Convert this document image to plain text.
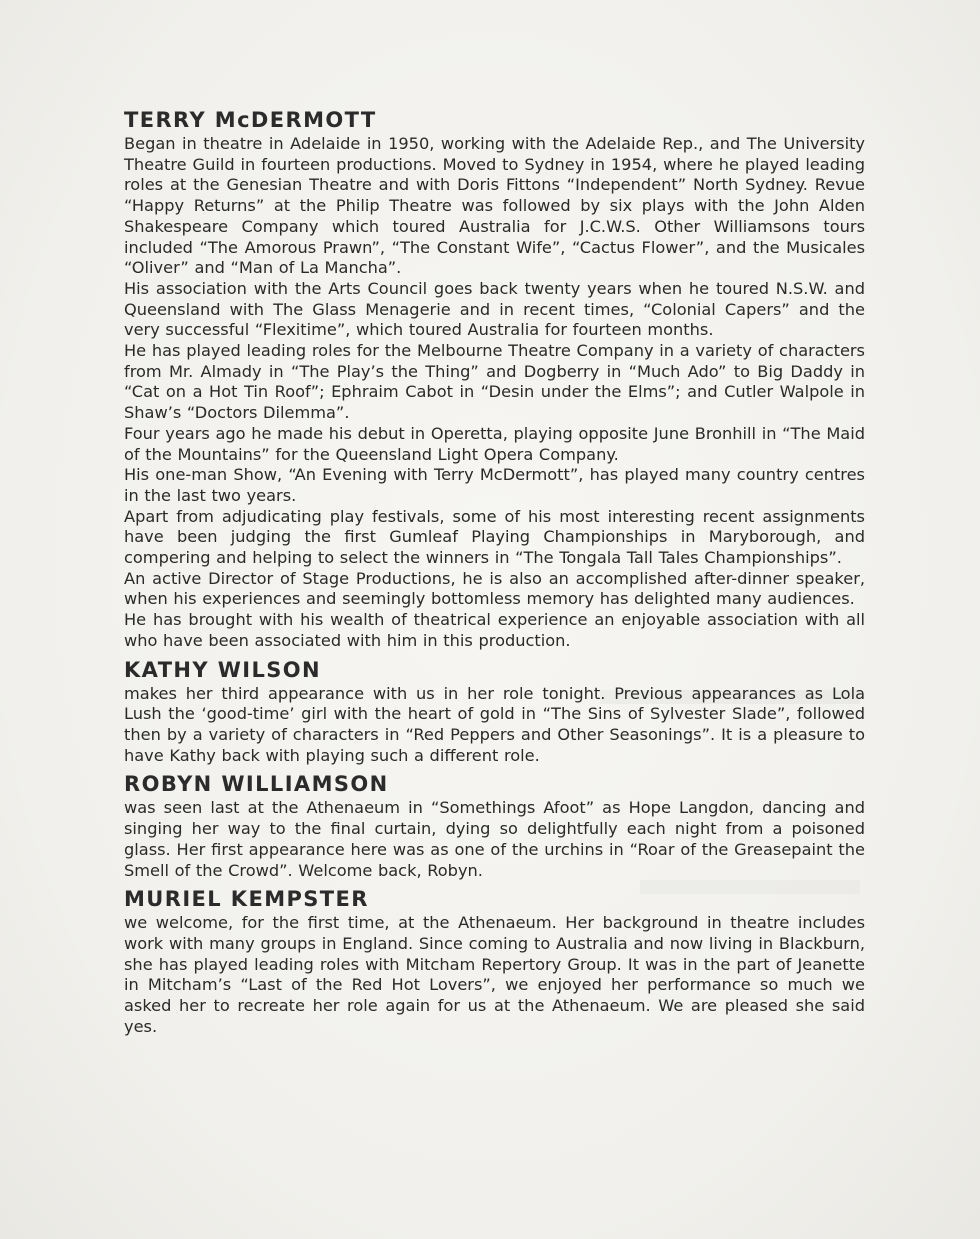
TERRY McDERMOTT

Began in theatre in Adelaide in 1950, working with the Adelaide Rep., and The University Theatre Guild in fourteen productions. Moved to Sydney in 1954, where he played leading roles at the Genesian Theatre and with Doris Fittons “Independent” North Sydney. Revue “Happy Returns” at the Philip Theatre was followed by six plays with the John Alden Shakespeare Company which toured Australia for J.C.W.S. Other Williamsons tours included “The Amorous Prawn”, “The Constant Wife”, “Cactus Flower”, and the Musicales “Oliver” and “Man of La Mancha”.

His association with the Arts Council goes back twenty years when he toured N.S.W. and Queensland with The Glass Menagerie and in recent times, “Colonial Capers” and the very successful “Flexitime”, which toured Australia for fourteen months.

He has played leading roles for the Melbourne Theatre Company in a variety of characters from Mr. Almady in “The Play’s the Thing” and Dogberry in “Much Ado” to Big Daddy in “Cat on a Hot Tin Roof”; Ephraim Cabot in “Desin under the Elms”; and Cutler Walpole in Shaw’s “Doctors Dilemma”.

Four years ago he made his debut in Operetta, playing opposite June Bronhill in “The Maid of the Mountains” for the Queensland Light Opera Company.

His one-man Show, “An Evening with Terry McDermott”, has played many country centres in the last two years.

Apart from adjudicating play festivals, some of his most interesting recent assignments have been judging the first Gumleaf Playing Championships in Maryborough, and compering and helping to select the winners in “The Tongala Tall Tales Championships”.

An active Director of Stage Productions, he is also an accomplished after-dinner speaker, when his experiences and seemingly bottomless memory has delighted many audiences.

He has brought with his wealth of theatrical experience an enjoyable association with all who have been associated with him in this production.

KATHY WILSON

makes her third appearance with us in her role tonight. Previous appearances as Lola Lush the ‘good-time’ girl with the heart of gold in “The Sins of Sylvester Slade”, followed then by a variety of characters in “Red Peppers and Other Seasonings”. It is a pleasure to have Kathy back with playing such a different role.

ROBYN WILLIAMSON

was seen last at the Athenaeum in “Somethings Afoot” as Hope Langdon, dancing and singing her way to the final curtain, dying so delightfully each night from a poisoned glass. Her first appearance here was as one of the urchins in “Roar of the Greasepaint the Smell of the Crowd”. Welcome back, Robyn.

MURIEL KEMPSTER

we welcome, for the first time, at the Athenaeum. Her background in theatre includes work with many groups in England. Since coming to Australia and now living in Blackburn, she has played leading roles with Mitcham Repertory Group. It was in the part of Jeanette in Mitcham’s “Last of the Red Hot Lovers”, we enjoyed her performance so much we asked her to recreate her role again for us at the Athenaeum. We are pleased she said yes.
